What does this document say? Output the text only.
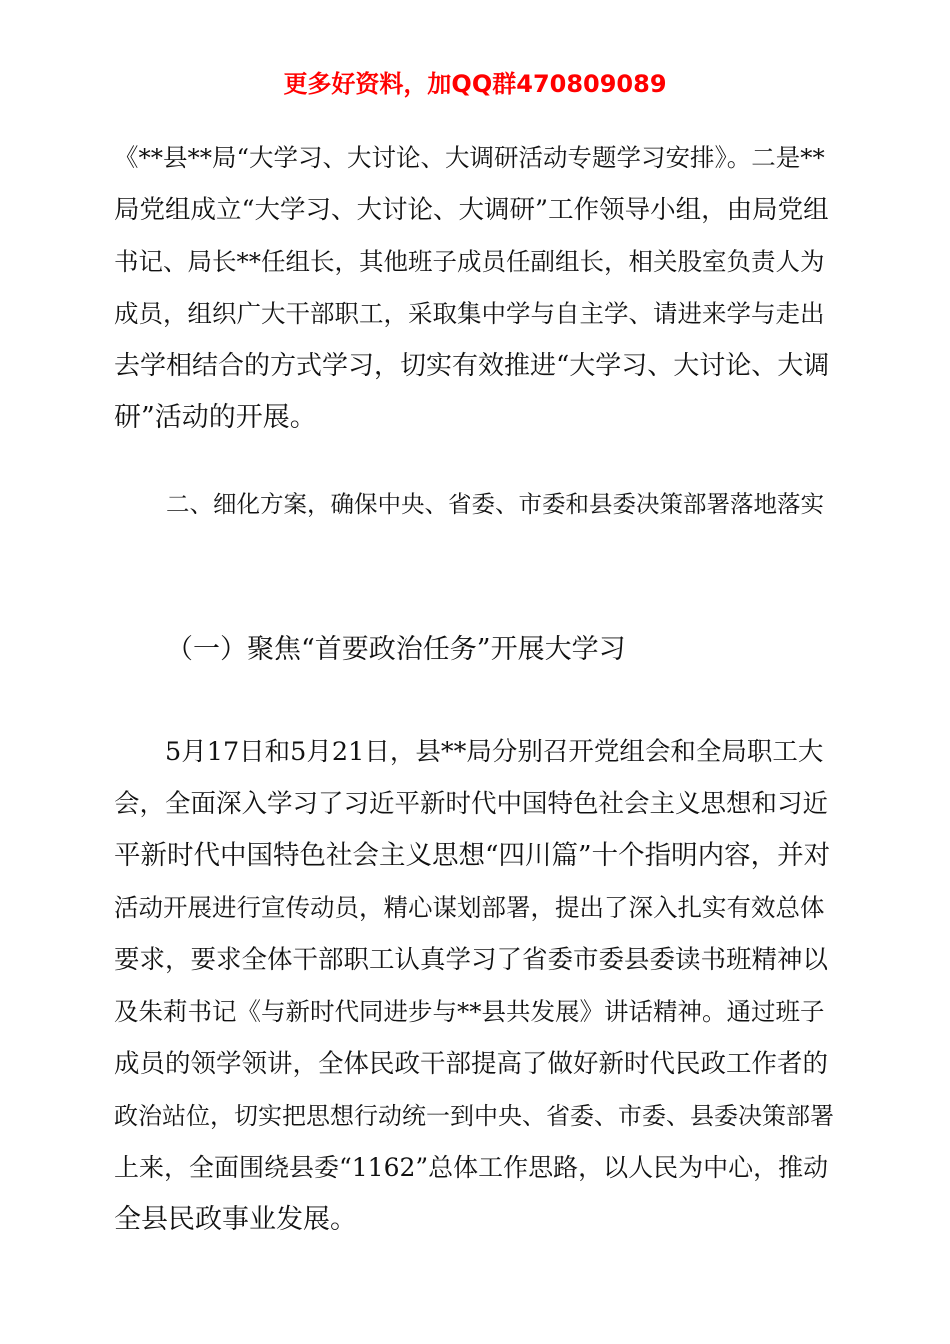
更多好资料，加QQ群470809089

《**县**局“大学习、大讨论、大调研活动专题学习安排》。二是**

局党组成立“大学习、大讨论、大调研”工作领导小组，由局党组

书记、局长**任组长，其他班子成员任副组长，相关股室负责人为

成员，组织广大干部职工，采取集中学与自主学、请进来学与走出

去学相结合的方式学习，切实有效推进“大学习、大讨论、大调

研”活动的开展。

二、细化方案，确保中央、省委、市委和县委决策部署落地落实

（一）聚焦“首要政治任务”开展大学习

　　5月17日和5月21日，县**局分别召开党组会和全局职工大

会，全面深入学习了习近平新时代中国特色社会主义思想和习近

平新时代中国特色社会主义思想“四川篇”十个指明内容，并对

活动开展进行宣传动员，精心谋划部署，提出了深入扎实有效总体

要求，要求全体干部职工认真学习了省委市委县委读书班精神以

及朱莉书记《与新时代同进步与**县共发展》讲话精神。通过班子

成员的领学领讲，全体民政干部提高了做好新时代民政工作者的

政治站位，切实把思想行动统一到中央、省委、市委、县委决策部署

上来，全面围绕县委“1162”总体工作思路，以人民为中心，推动

全县民政事业发展。
